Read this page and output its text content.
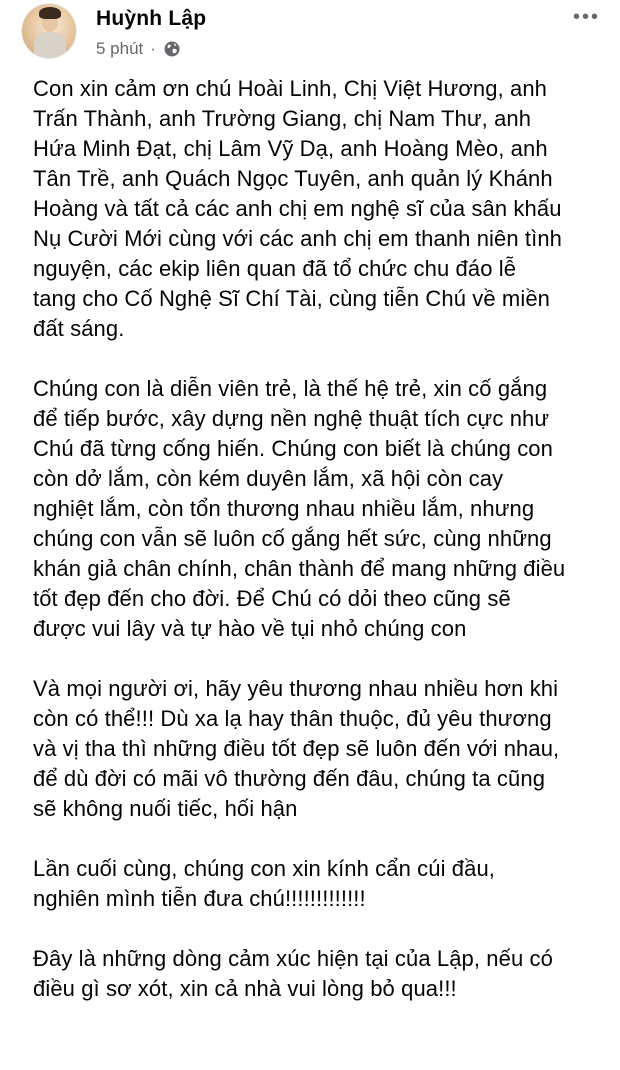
Huỳnh Lập
5 phút ·
•••

Con xin cảm ơn chú Hoài Linh, Chị Việt Hương, anh
Trấn Thành, anh Trường Giang, chị Nam Thư, anh
Hứa Minh Đạt, chị Lâm Vỹ Dạ, anh Hoàng Mèo, anh
Tân Trề, anh Quách Ngọc Tuyên, anh quản lý Khánh
Hoàng và tất cả các anh chị em nghệ sĩ của sân khấu
Nụ Cười Mới cùng với các anh chị em thanh niên tình
nguyện, các ekip liên quan đã tổ chức chu đáo lễ
tang cho Cố Nghệ Sĩ Chí Tài, cùng tiễn Chú về miền
đất sáng.

Chúng con là diễn viên trẻ, là thế hệ trẻ, xin cố gắng
để tiếp bước, xây dựng nền nghệ thuật tích cực như
Chú đã từng cống hiến. Chúng con biết là chúng con
còn dở lắm, còn kém duyên lắm, xã hội còn cay
nghiệt lắm, còn tổn thương nhau nhiều lắm, nhưng
chúng con vẫn sẽ luôn cố gắng hết sức, cùng những
khán giả chân chính, chân thành để mang những điều
tốt đẹp đến cho đời. Để Chú có dỏi theo cũng sẽ
được vui lây và tự hào về tụi nhỏ chúng con

Và mọi người ơi, hãy yêu thương nhau nhiều hơn khi
còn có thể!!! Dù xa lạ hay thân thuộc, đủ yêu thương
và vị tha thì những điều tốt đẹp sẽ luôn đến với nhau,
để dù đời có mãi vô thường đến đâu, chúng ta cũng
sẽ không nuối tiếc, hối hận

Lần cuối cùng, chúng con xin kính cẩn cúi đầu,
nghiên mình tiễn đưa chú!!!!!!!!!!!!!

Đây là những dòng cảm xúc hiện tại của Lập, nếu có
điều gì sơ xót, xin cả nhà vui lòng bỏ qua!!!
